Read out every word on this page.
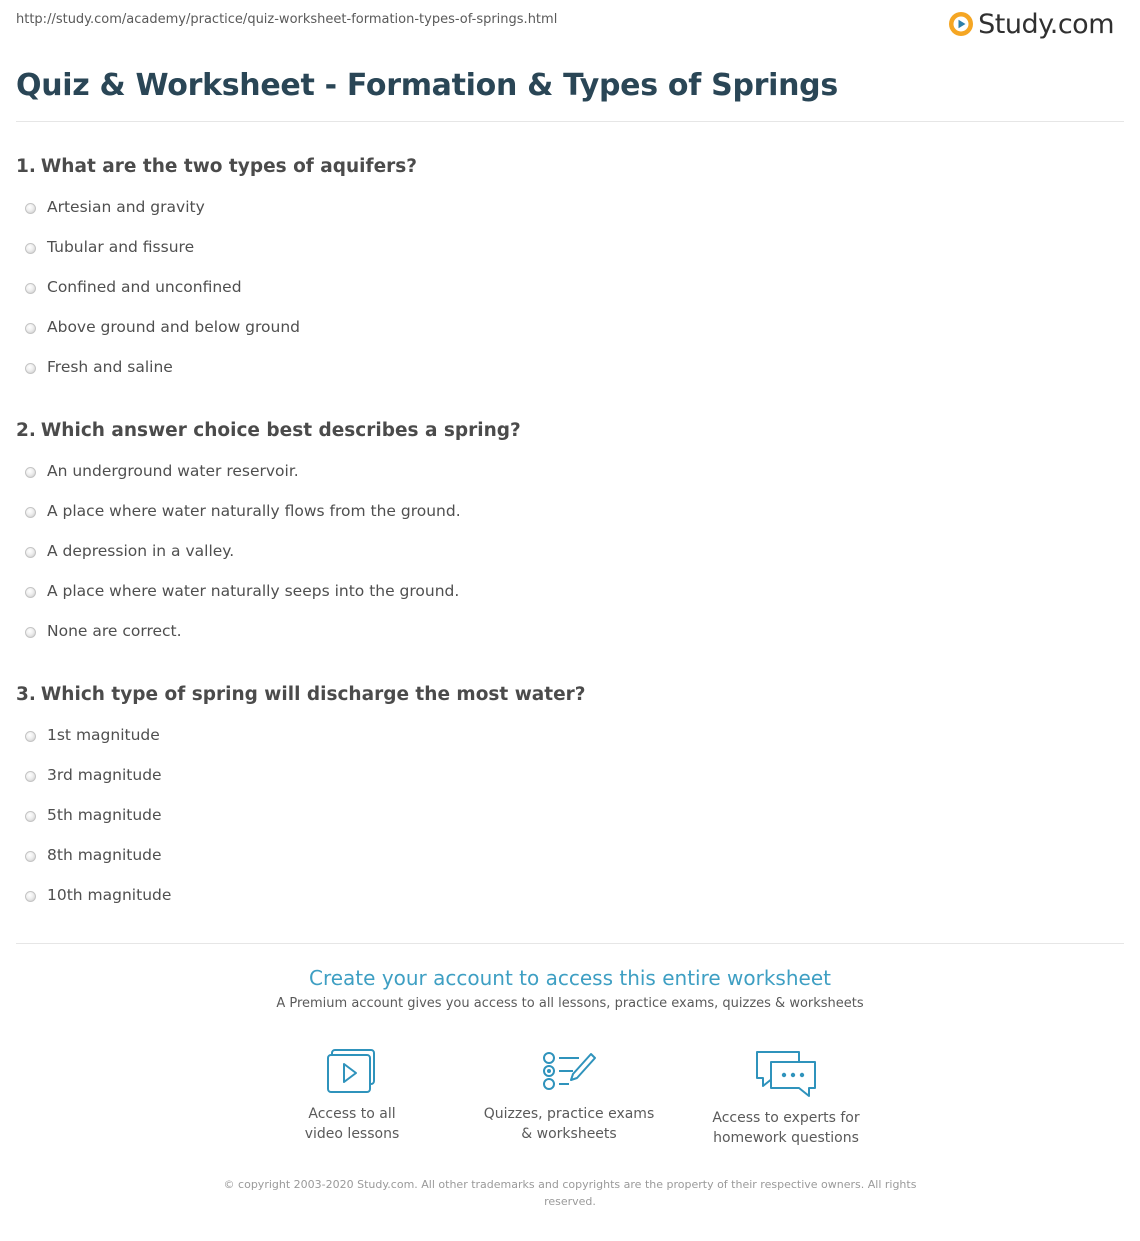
http://study.com/academy/practice/quiz-worksheet-formation-types-of-springs.html	Study.com
Quiz & Worksheet - Formation & Types of Springs
1. What are the two types of aquifers?
Artesian and gravity
Tubular and fissure
Confined and unconfined
Above ground and below ground
Fresh and saline
2. Which answer choice best describes a spring?
An underground water reservoir.
A place where water naturally flows from the ground.
A depression in a valley.
A place where water naturally seeps into the ground.
None are correct.
3. Which type of spring will discharge the most water?
1st magnitude
3rd magnitude
5th magnitude
8th magnitude
10th magnitude
Create your account to access this entire worksheet

A Premium account gives you access to all lessons, practice exams, quizzes & worksheets

Access to all
video lessons
Quizzes, practice exams
& worksheets
Access to experts for
homework questions
© copyright 2003-2020 Study.com. All other trademarks and copyrights are the property of their respective owners. All rights reserved.
